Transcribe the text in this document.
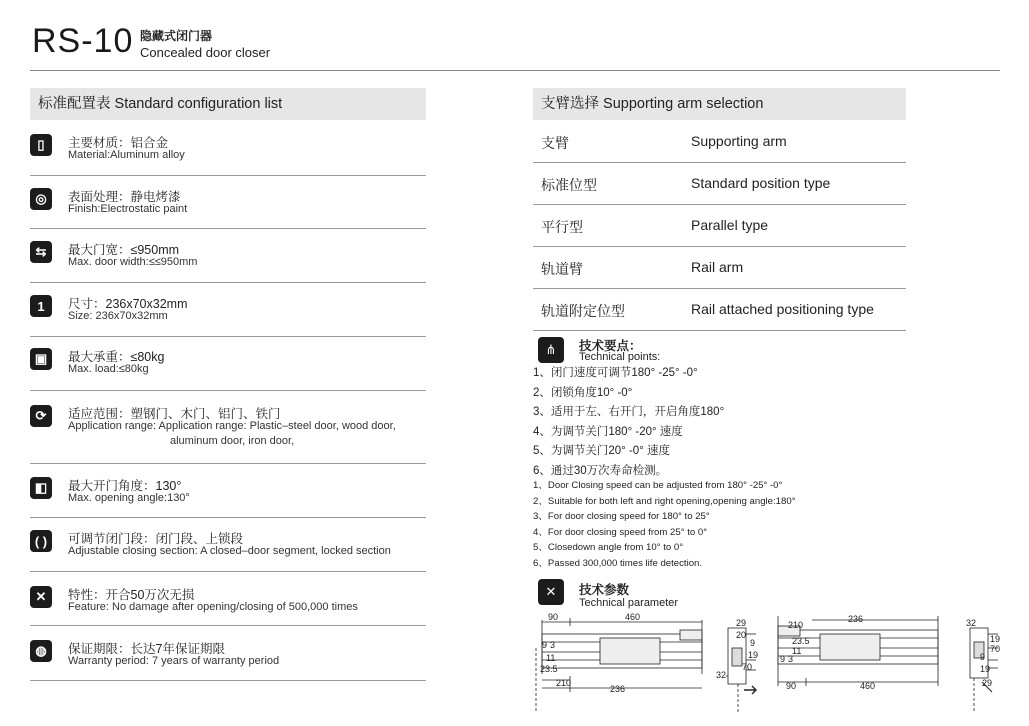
RS-10 隐藏式闭门器
Concealed door closer
标准配置表 Standard configuration list
▯	主要材质：铝合金
Material:Aluminum alloy
◎	表面处理：静电烤漆
Finish:Electrostatic paint
⇆	最大门宽：≤950mm
Max. door width:≤≤950mm
1	尺寸：236x70x32mm
Size: 236x70x32mm
▣	最大承重：≤80kg
Max. load:≤80kg
⟳	适应范围：塑钢门、木门、铝门、铁门
Application range: Application range: Plastic–steel door, wood door,
aluminum door, iron door,
◧	最大开门角度：130°
Max. opening angle:130°
( )	可调节闭门段：闭门段、上锁段
Adjustable closing section: A closed–door segment, locked section
✕	特性：开合50万次无损
Feature: No damage after opening/closing of 500,000 times
◍	保证期限：长达7年保证期限
Warranty period: 7 years of warranty period
支臂选择 Supporting arm selection
支臂	Supporting arm
标准位型	Standard position type
平行型	Parallel type
轨道臂	Rail arm
轨道附定位型	Rail attached positioning type
⋔	技术要点：
Technical points:
1、闭门速度可调节180° -25° -0°
2、闭锁角度10° -0°
3、适用于左、右开门，开启角度180°
4、为调节关门180° -20° 速度
5、为调节关门20° -0° 速度
6、通过30万次寿命检测。
1、Door Closing speed can be adjusted from 180° -25° -0°
2、Suitable for both left and right opening,opening angle:180°
3、For door closing speed for 180° to 25°
4、For door closing speed from 25° to 0°
5、Closedown angle from 10° to 0°
6、Passed 300,000 times life detection.
✕	技术参数
Technical parameter
90	460
9 3
11
23.5
210
236
29
20
9
19
70
32
236
210
23.5
11
9 3
90	460
32
19
70
9
19
29
